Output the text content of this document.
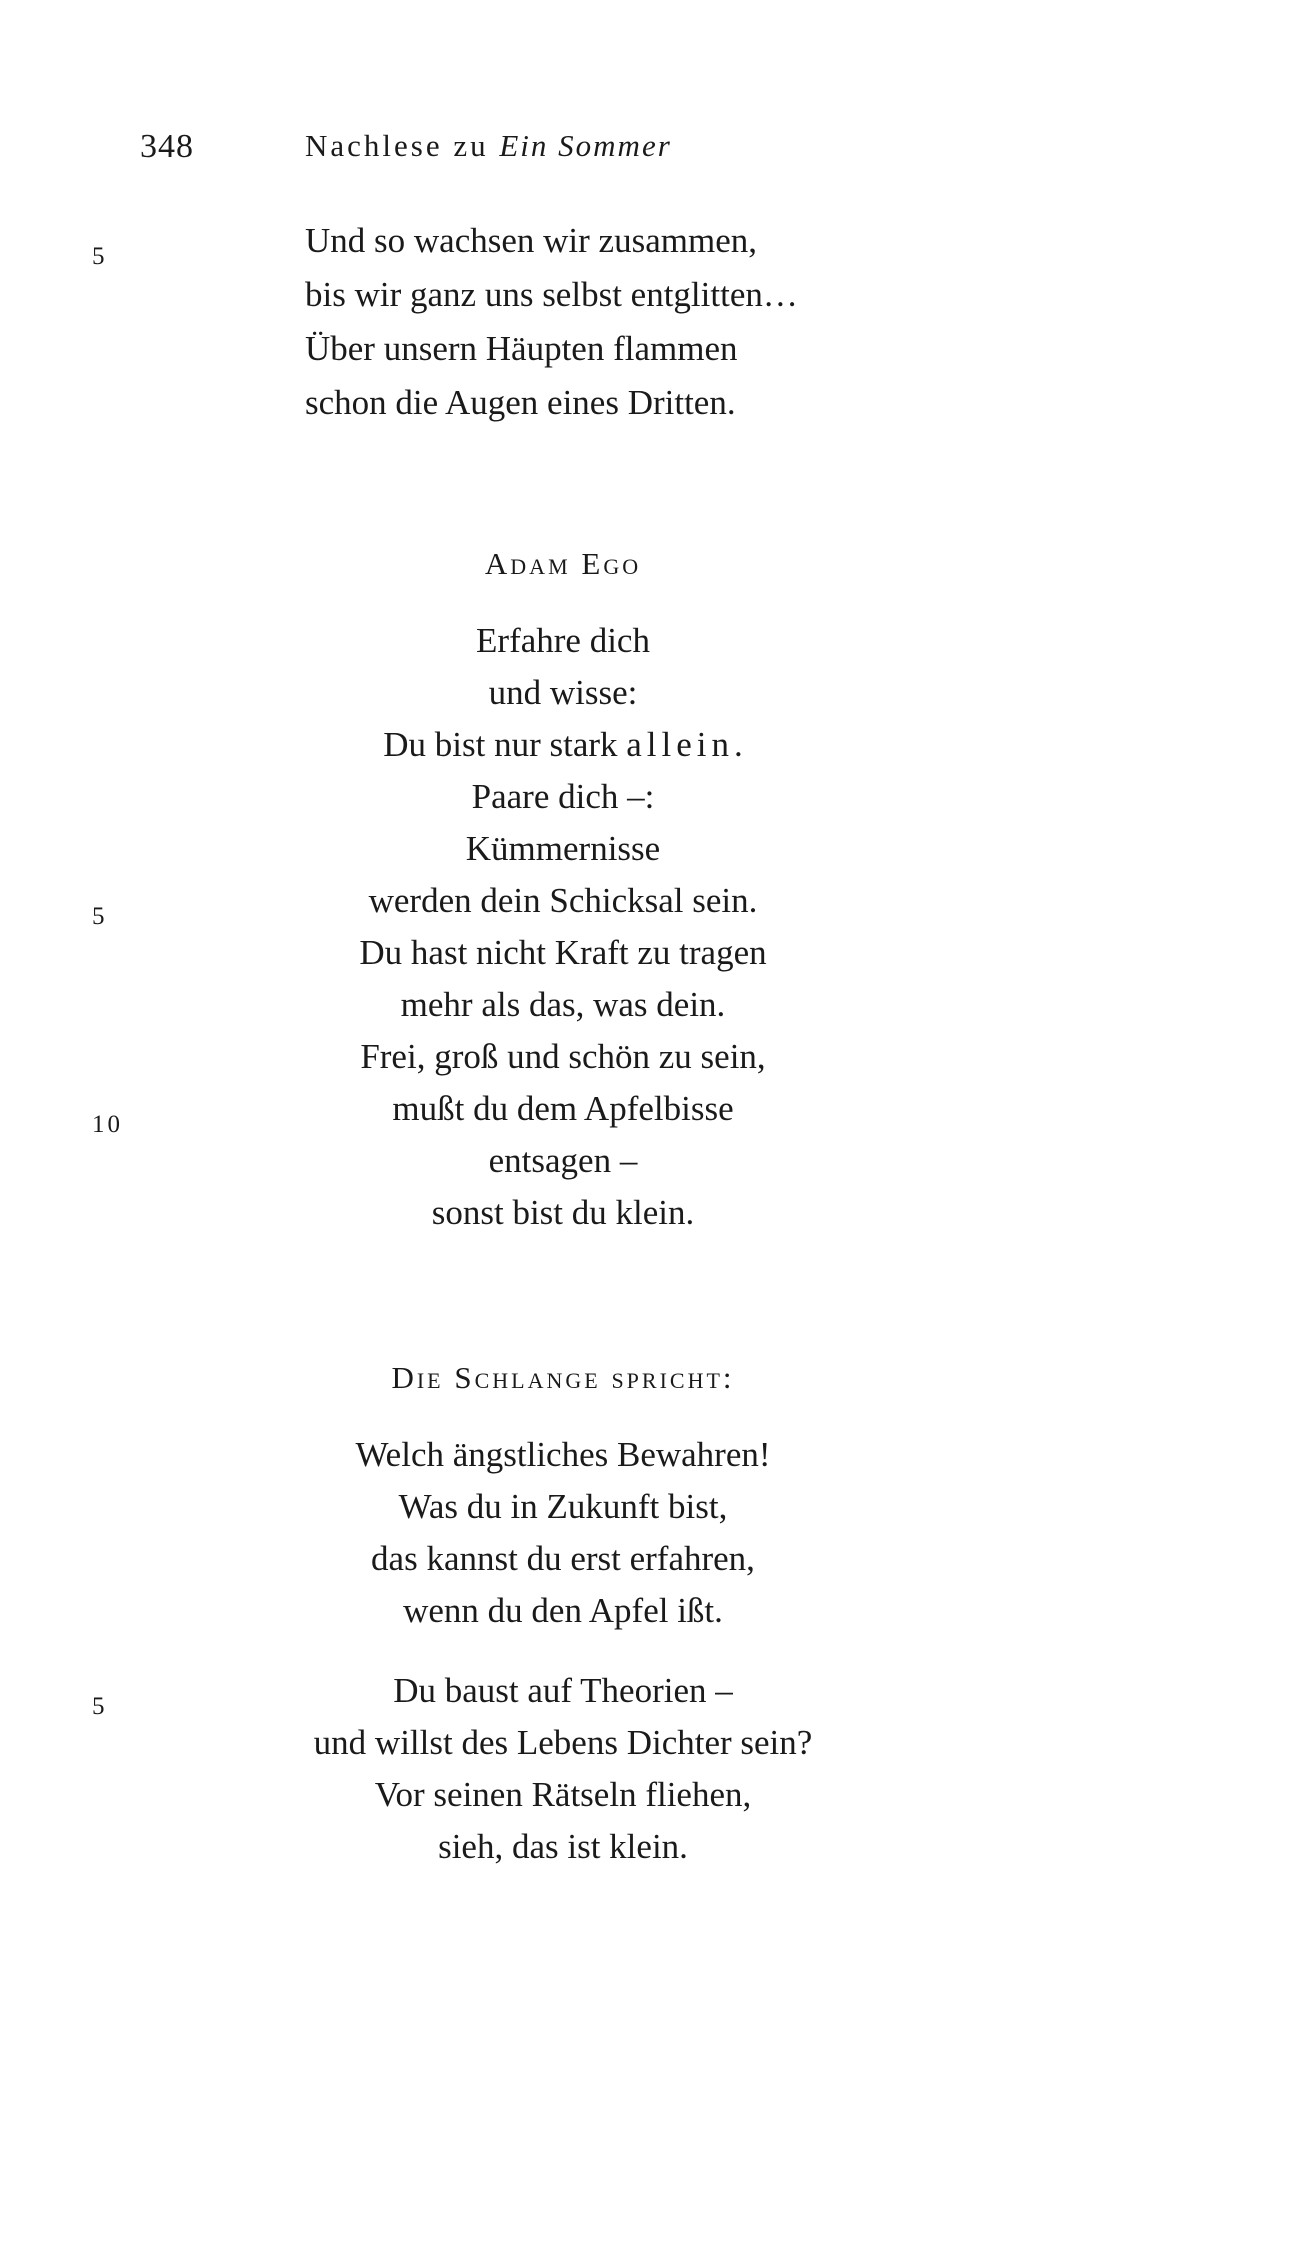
348	Nachlese zu Ein Sommer
5	Und so wachsen wir zusammen,
bis wir ganz uns selbst entglitten…
Über unsern Häupten flammen
schon die Augen eines Dritten.
Adam Ego
Erfahre dich
und wisse:
Du bist nur stark allein.
Paare dich –:
Kümmernisse
werden dein Schicksal sein.
Du hast nicht Kraft zu tragen
mehr als das, was dein.
Frei, groß und schön zu sein,
mußt du dem Apfelbisse
entsagen –
sonst bist du klein.
5
10
Die Schlange spricht:
Welch ängstliches Bewahren!
Was du in Zukunft bist,
das kannst du erst erfahren,
wenn du den Apfel ißt.
Du baust auf Theorien –
und willst des Lebens Dichter sein?
Vor seinen Rätseln fliehen,
sieh, das ist klein.
5
